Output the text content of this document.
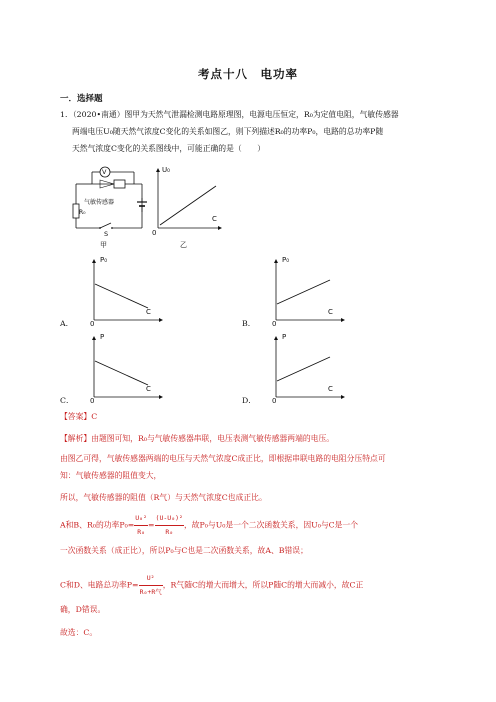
考点十八　电功率
一．选择题
1．（2020•南通）图甲为天然气泄漏检测电路原理图，电源电压恒定，R₀为定值电阻，气敏传感器
两端电压U₀随天然气浓度C变化的关系如图乙，则下列描述R₀的功率P₀，电路的总功率P随
天然气浓度C变化的关系图线中，可能正确的是（　　）
V
气敏传感器
R₀
S
甲
U₀
C
0
乙
A．
P₀
C
0	B．
P₀
C
0
C．
P
C
0	D．
P
C
0
【答案】C
【解析】由题图可知，R₀与气敏传感器串联，电压表测气敏传感器两端的电压。
由图乙可得，气敏传感器两端的电压与天然气浓度C成正比，即根据串联电路的电阻分压特点可
知：气敏传感器的阻值变大，
所以，气敏传感器的阻值（R气）与天然气浓度C也成正比。
A和B、R₀的功率$P_0= \frac{\text{U₀²}}{\text{R₀}} = \frac{\text{(U-U₀)²}}{\text{R₀}}$ ，故P₀与U₀是一个二次函数关系，因U₀与C是一个
一次函数关系（成正比），所以P₀与C也是二次函数关系，故A、B错误；
C和D、电路总功率$P= \frac{\text{U²}}{\text{R₀+R气}}$ ，R气随C的增大而增大，所以P随C的增大而减小，故C正
确，D错误。
故选：C。
